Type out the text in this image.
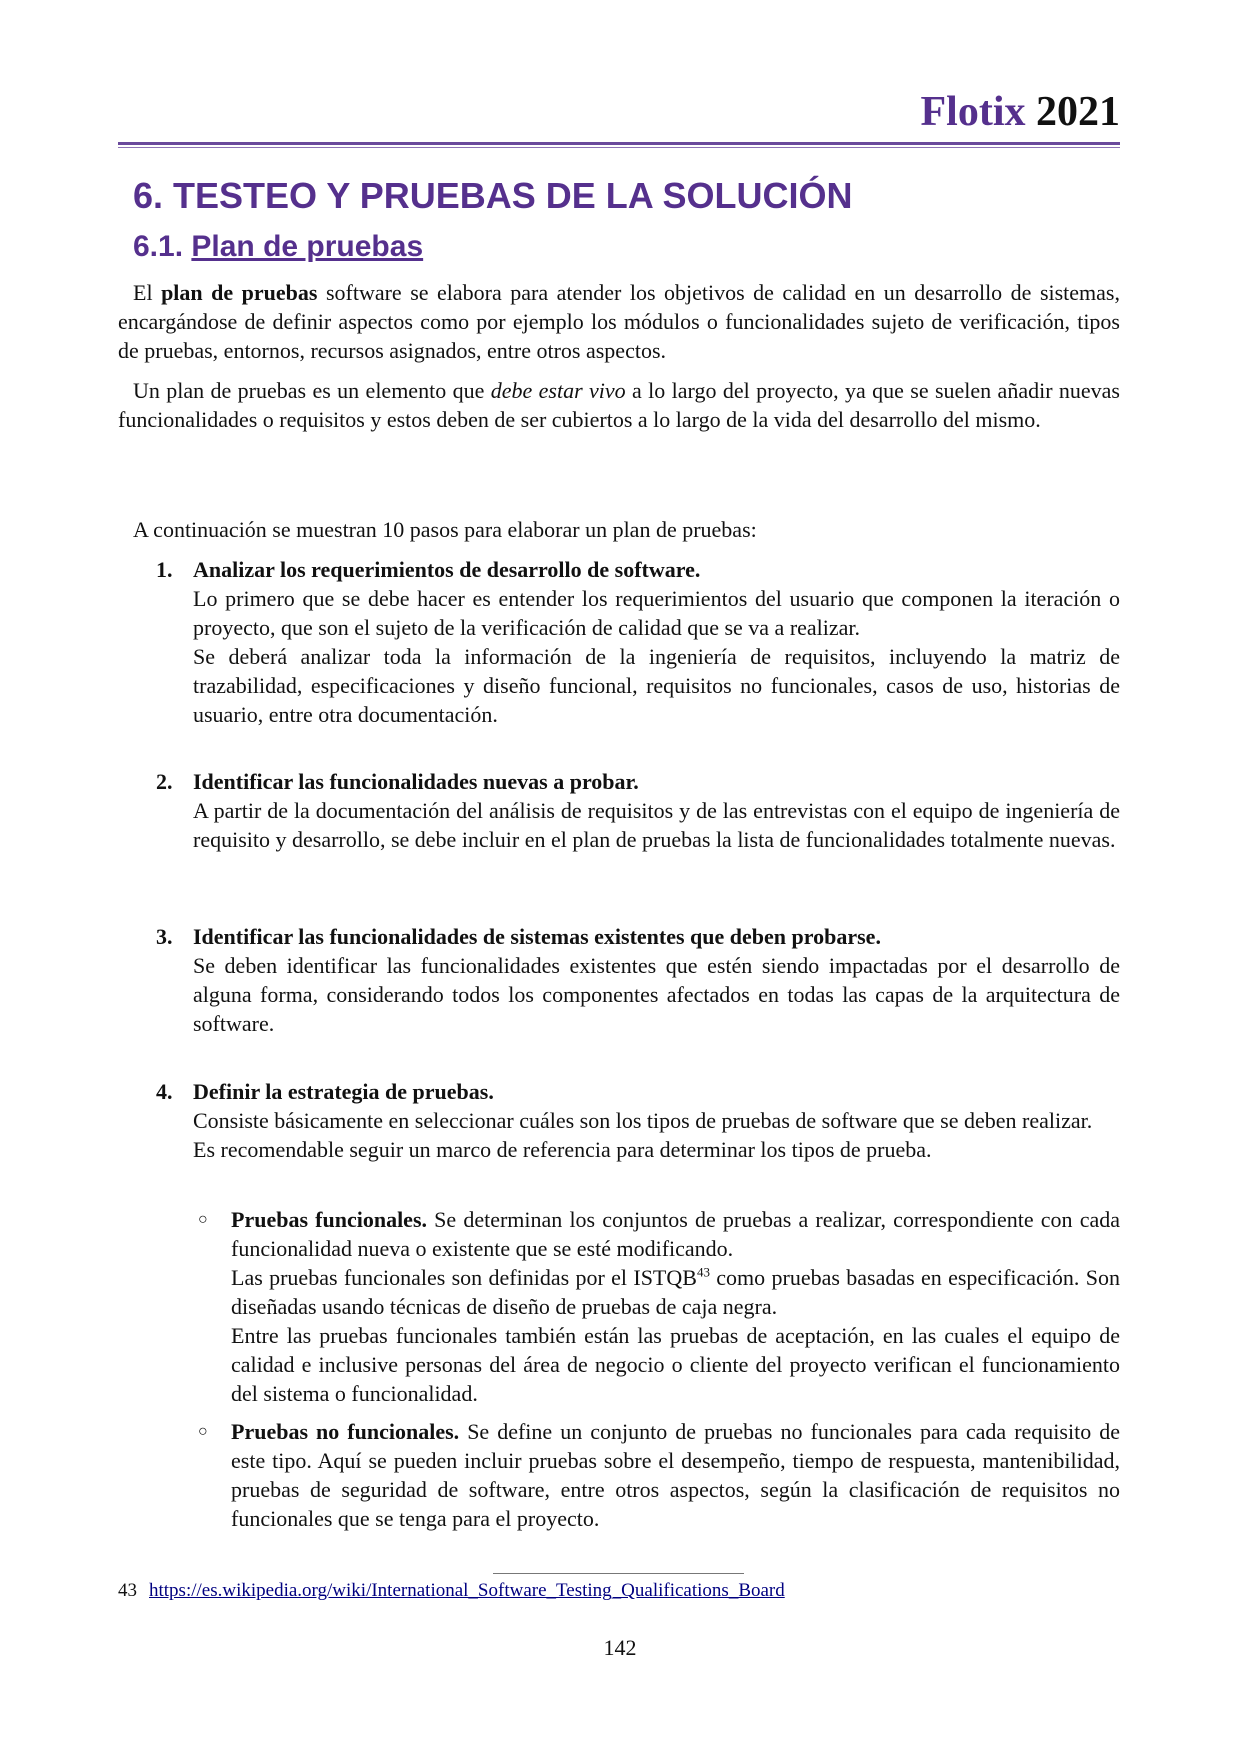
Flotix 2021
6. TESTEO Y PRUEBAS DE LA SOLUCIÓN
6.1. Plan de pruebas
El plan de pruebas software se elabora para atender los objetivos de calidad en un desarrollo de sistemas, encargándose de definir aspectos como por ejemplo los módulos o funcionalidades sujeto de verificación, tipos de pruebas, entornos, recursos asignados, entre otros aspectos.
Un plan de pruebas es un elemento que debe estar vivo a lo largo del proyecto, ya que se suelen añadir nuevas funcionalidades o requisitos y estos deben de ser cubiertos a lo largo de la vida del desarrollo del mismo.
A continuación se muestran 10 pasos para elaborar un plan de pruebas:
1. Analizar los requerimientos de desarrollo de software.
Lo primero que se debe hacer es entender los requerimientos del usuario que componen la iteración o proyecto, que son el sujeto de la verificación de calidad que se va a realizar.
Se deberá analizar toda la información de la ingeniería de requisitos, incluyendo la matriz de trazabilidad, especificaciones y diseño funcional, requisitos no funcionales, casos de uso, historias de usuario, entre otra documentación.
2. Identificar las funcionalidades nuevas a probar.
A partir de la documentación del análisis de requisitos y de las entrevistas con el equipo de ingeniería de requisito y desarrollo, se debe incluir en el plan de pruebas la lista de funcionalidades totalmente nuevas.
3. Identificar las funcionalidades de sistemas existentes que deben probarse.
Se deben identificar las funcionalidades existentes que estén siendo impactadas por el desarrollo de alguna forma, considerando todos los componentes afectados en todas las capas de la arquitectura de software.
4. Definir la estrategia de pruebas.
Consiste básicamente en seleccionar cuáles son los tipos de pruebas de software que se deben realizar.
Es recomendable seguir un marco de referencia para determinar los tipos de prueba.
○ Pruebas funcionales. Se determinan los conjuntos de pruebas a realizar, correspondiente con cada funcionalidad nueva o existente que se esté modificando.
Las pruebas funcionales son definidas por el ISTQB$^{43}$ como pruebas basadas en especificación. Son diseñadas usando técnicas de diseño de pruebas de caja negra.
Entre las pruebas funcionales también están las pruebas de aceptación, en las cuales el equipo de calidad e inclusive personas del área de negocio o cliente del proyecto verifican el funcionamiento del sistema o funcionalidad.
○ Pruebas no funcionales. Se define un conjunto de pruebas no funcionales para cada requisito de este tipo. Aquí se pueden incluir pruebas sobre el desempeño, tiempo de respuesta, mantenibilidad, pruebas de seguridad de software, entre otros aspectos, según la clasificación de requisitos no funcionales que se tenga para el proyecto.
43 https://es.wikipedia.org/wiki/International_Software_Testing_Qualifications_Board
142
